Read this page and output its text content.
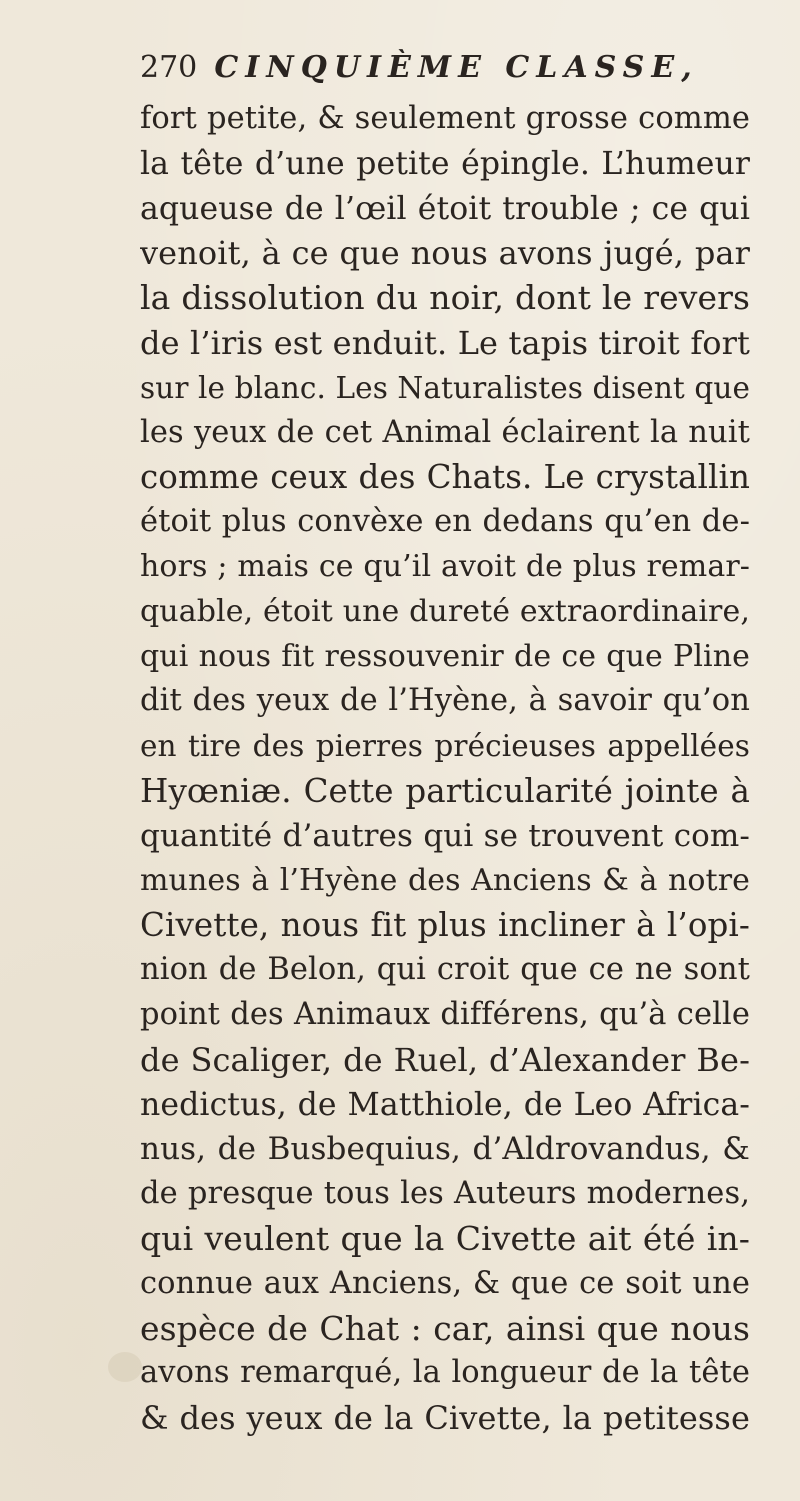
270 CINQUIÈME CLASSE,
fort petite, & seulement grosse comme
la tête d’une petite épingle. L’humeur
aqueuse de l’œil étoit trouble ; ce qui
venoit, à ce que nous avons jugé, par
la dissolution du noir, dont le revers
de l’iris est enduit. Le tapis tiroit fort
sur le blanc. Les Naturalistes disent que
les yeux de cet Animal éclairent la nuit
comme ceux des Chats. Le crystallin
étoit plus convèxe en dedans qu’en de-
hors ; mais ce qu’il avoit de plus remar-
quable, étoit une dureté extraordinaire,
qui nous fit ressouvenir de ce que Pline
dit des yeux de l’Hyène, à savoir qu’on
en tire des pierres précieuses appellées
Hyœniæ. Cette particularité jointe à
quantité d’autres qui se trouvent com-
munes à l’Hyène des Anciens & à notre
Civette, nous fit plus incliner à l’opi-
nion de Belon, qui croit que ce ne sont
point des Animaux différens, qu’à celle
de Scaliger, de Ruel, d’Alexander Be-
nedictus, de Matthiole, de Leo Africa-
nus, de Busbequius, d’Aldrovandus, &
de presque tous les Auteurs modernes,
qui veulent que la Civette ait été in-
connue aux Anciens, & que ce soit une
espèce de Chat : car, ainsi que nous
avons remarqué, la longueur de la tête
& des yeux de la Civette, la petitesse
